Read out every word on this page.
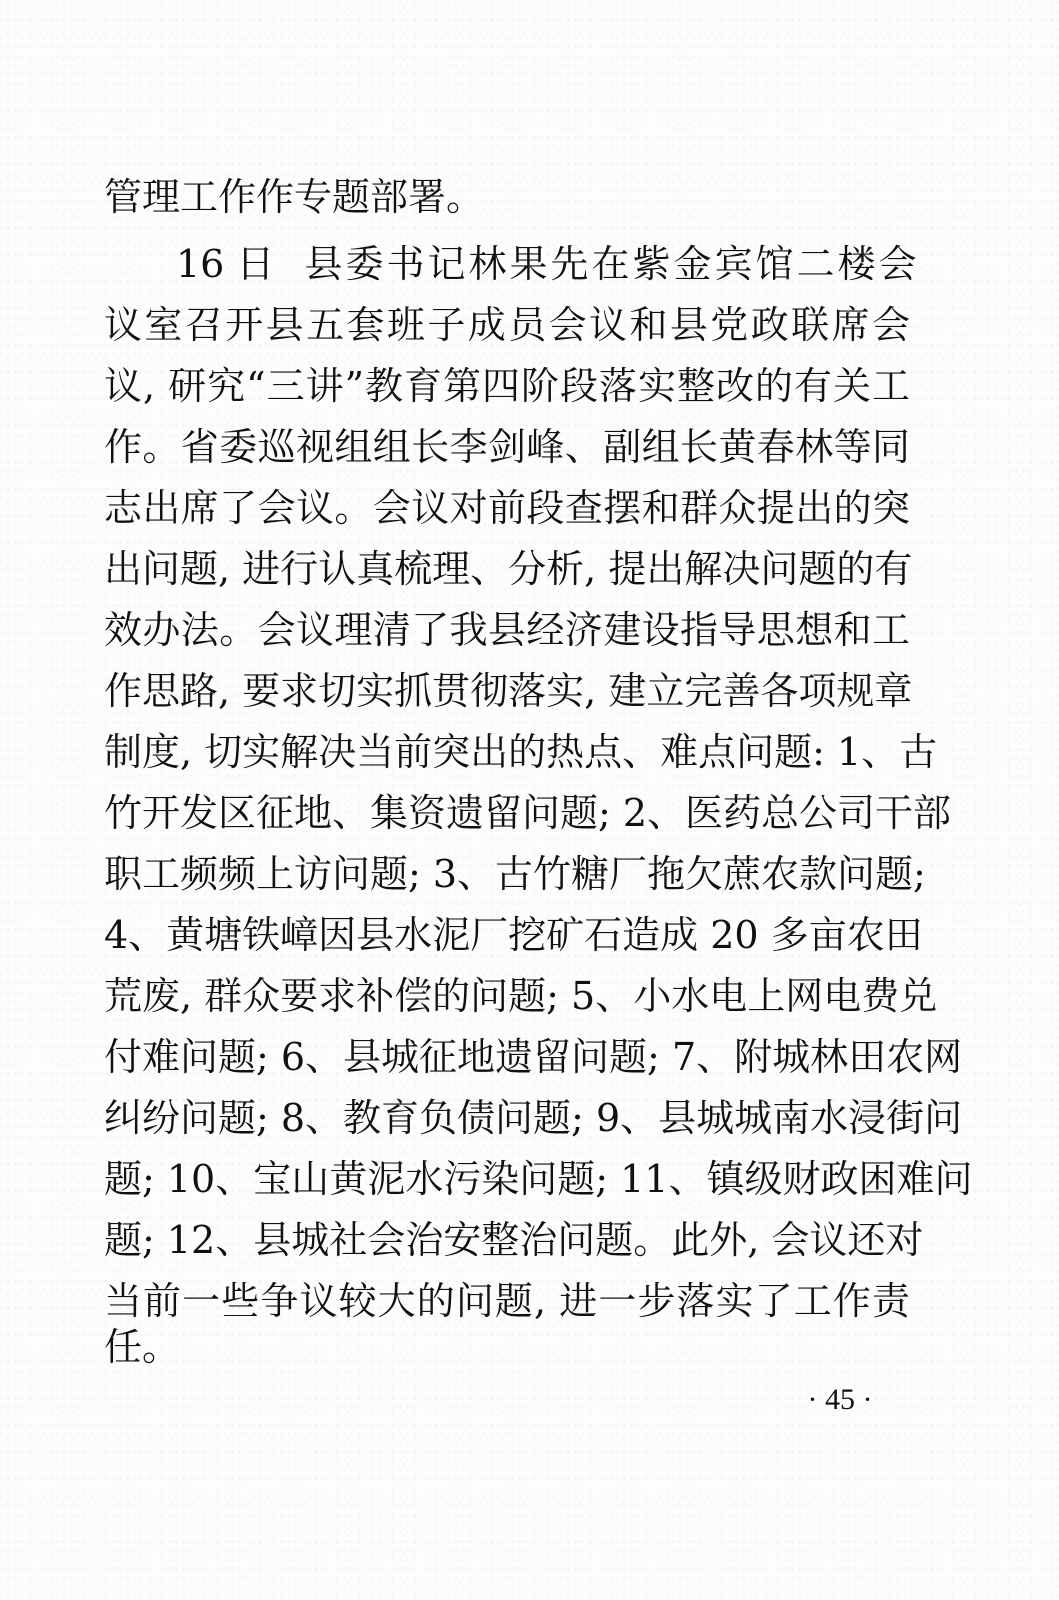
管理工作作专题部署。
16 日 县委书记林果先在紫金宾馆二楼会
议室召开县五套班子成员会议和县党政联席会
议, 研究“三讲”教育第四阶段落实整改的有关工
作。省委巡视组组长李剑峰、副组长黄春林等同
志出席了会议。会议对前段查摆和群众提出的突
出问题, 进行认真梳理、分析, 提出解决问题的有
效办法。会议理清了我县经济建设指导思想和工
作思路, 要求切实抓贯彻落实, 建立完善各项规章
制度, 切实解决当前突出的热点、难点问题: 1、古
竹开发区征地、集资遗留问题; 2、医药总公司干部
职工频频上访问题; 3、古竹糖厂拖欠蔗农款问题;
4、黄塘铁嶂因县水泥厂挖矿石造成 20 多亩农田
荒废, 群众要求补偿的问题; 5、小水电上网电费兑
付难问题; 6、县城征地遗留问题; 7、附城林田农网
纠纷问题; 8、教育负债问题; 9、县城城南水浸街问
题; 10、宝山黄泥水污染问题; 11、镇级财政困难问
题; 12、县城社会治安整治问题。此外, 会议还对
当前一些争议较大的问题, 进一步落实了工作责
任。
· 45 ·
